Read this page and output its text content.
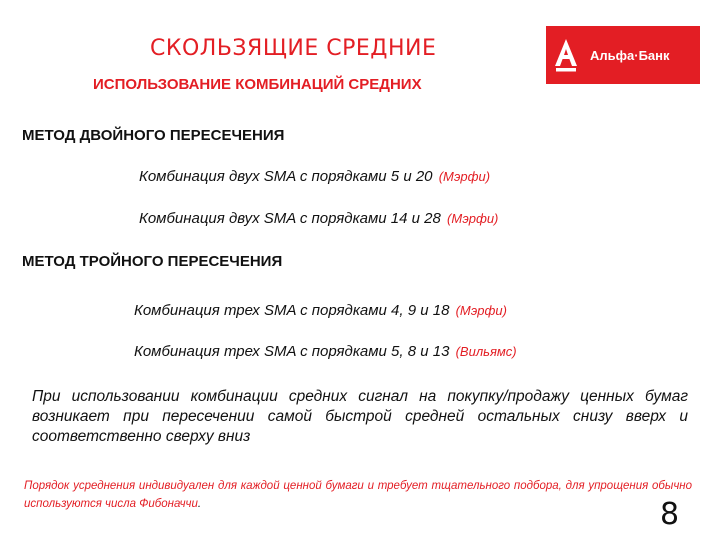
СКОЛЬЗЯЩИЕ СРЕДНИЕ
ИСПОЛЬЗОВАНИЕ КОМБИНАЦИЙ СРЕДНИХ
Альфа·Банк
МЕТОД ДВОЙНОГО ПЕРЕСЕЧЕНИЯ
Комбинация двух SMA с порядками 5 и 20 (Мэрфи)
Комбинация двух SMA с порядками 14 и 28 (Мэрфи)
МЕТОД ТРОЙНОГО ПЕРЕСЕЧЕНИЯ
Комбинация трех SMA с порядками 4, 9 и 18 (Мэрфи)
Комбинация трех SMA с порядками 5, 8 и 13 (Вильямс)
При использовании комбинации средних сигнал на покупку/продажу ценных бумаг возникает при пересечении самой быстрой средней остальных снизу вверх и соответственно сверху вниз
Порядок усреднения индивидуален для каждой ценной бумаги и требует тщательного подбора, для упрощения обычно используются числа Фибоначчи.	8
